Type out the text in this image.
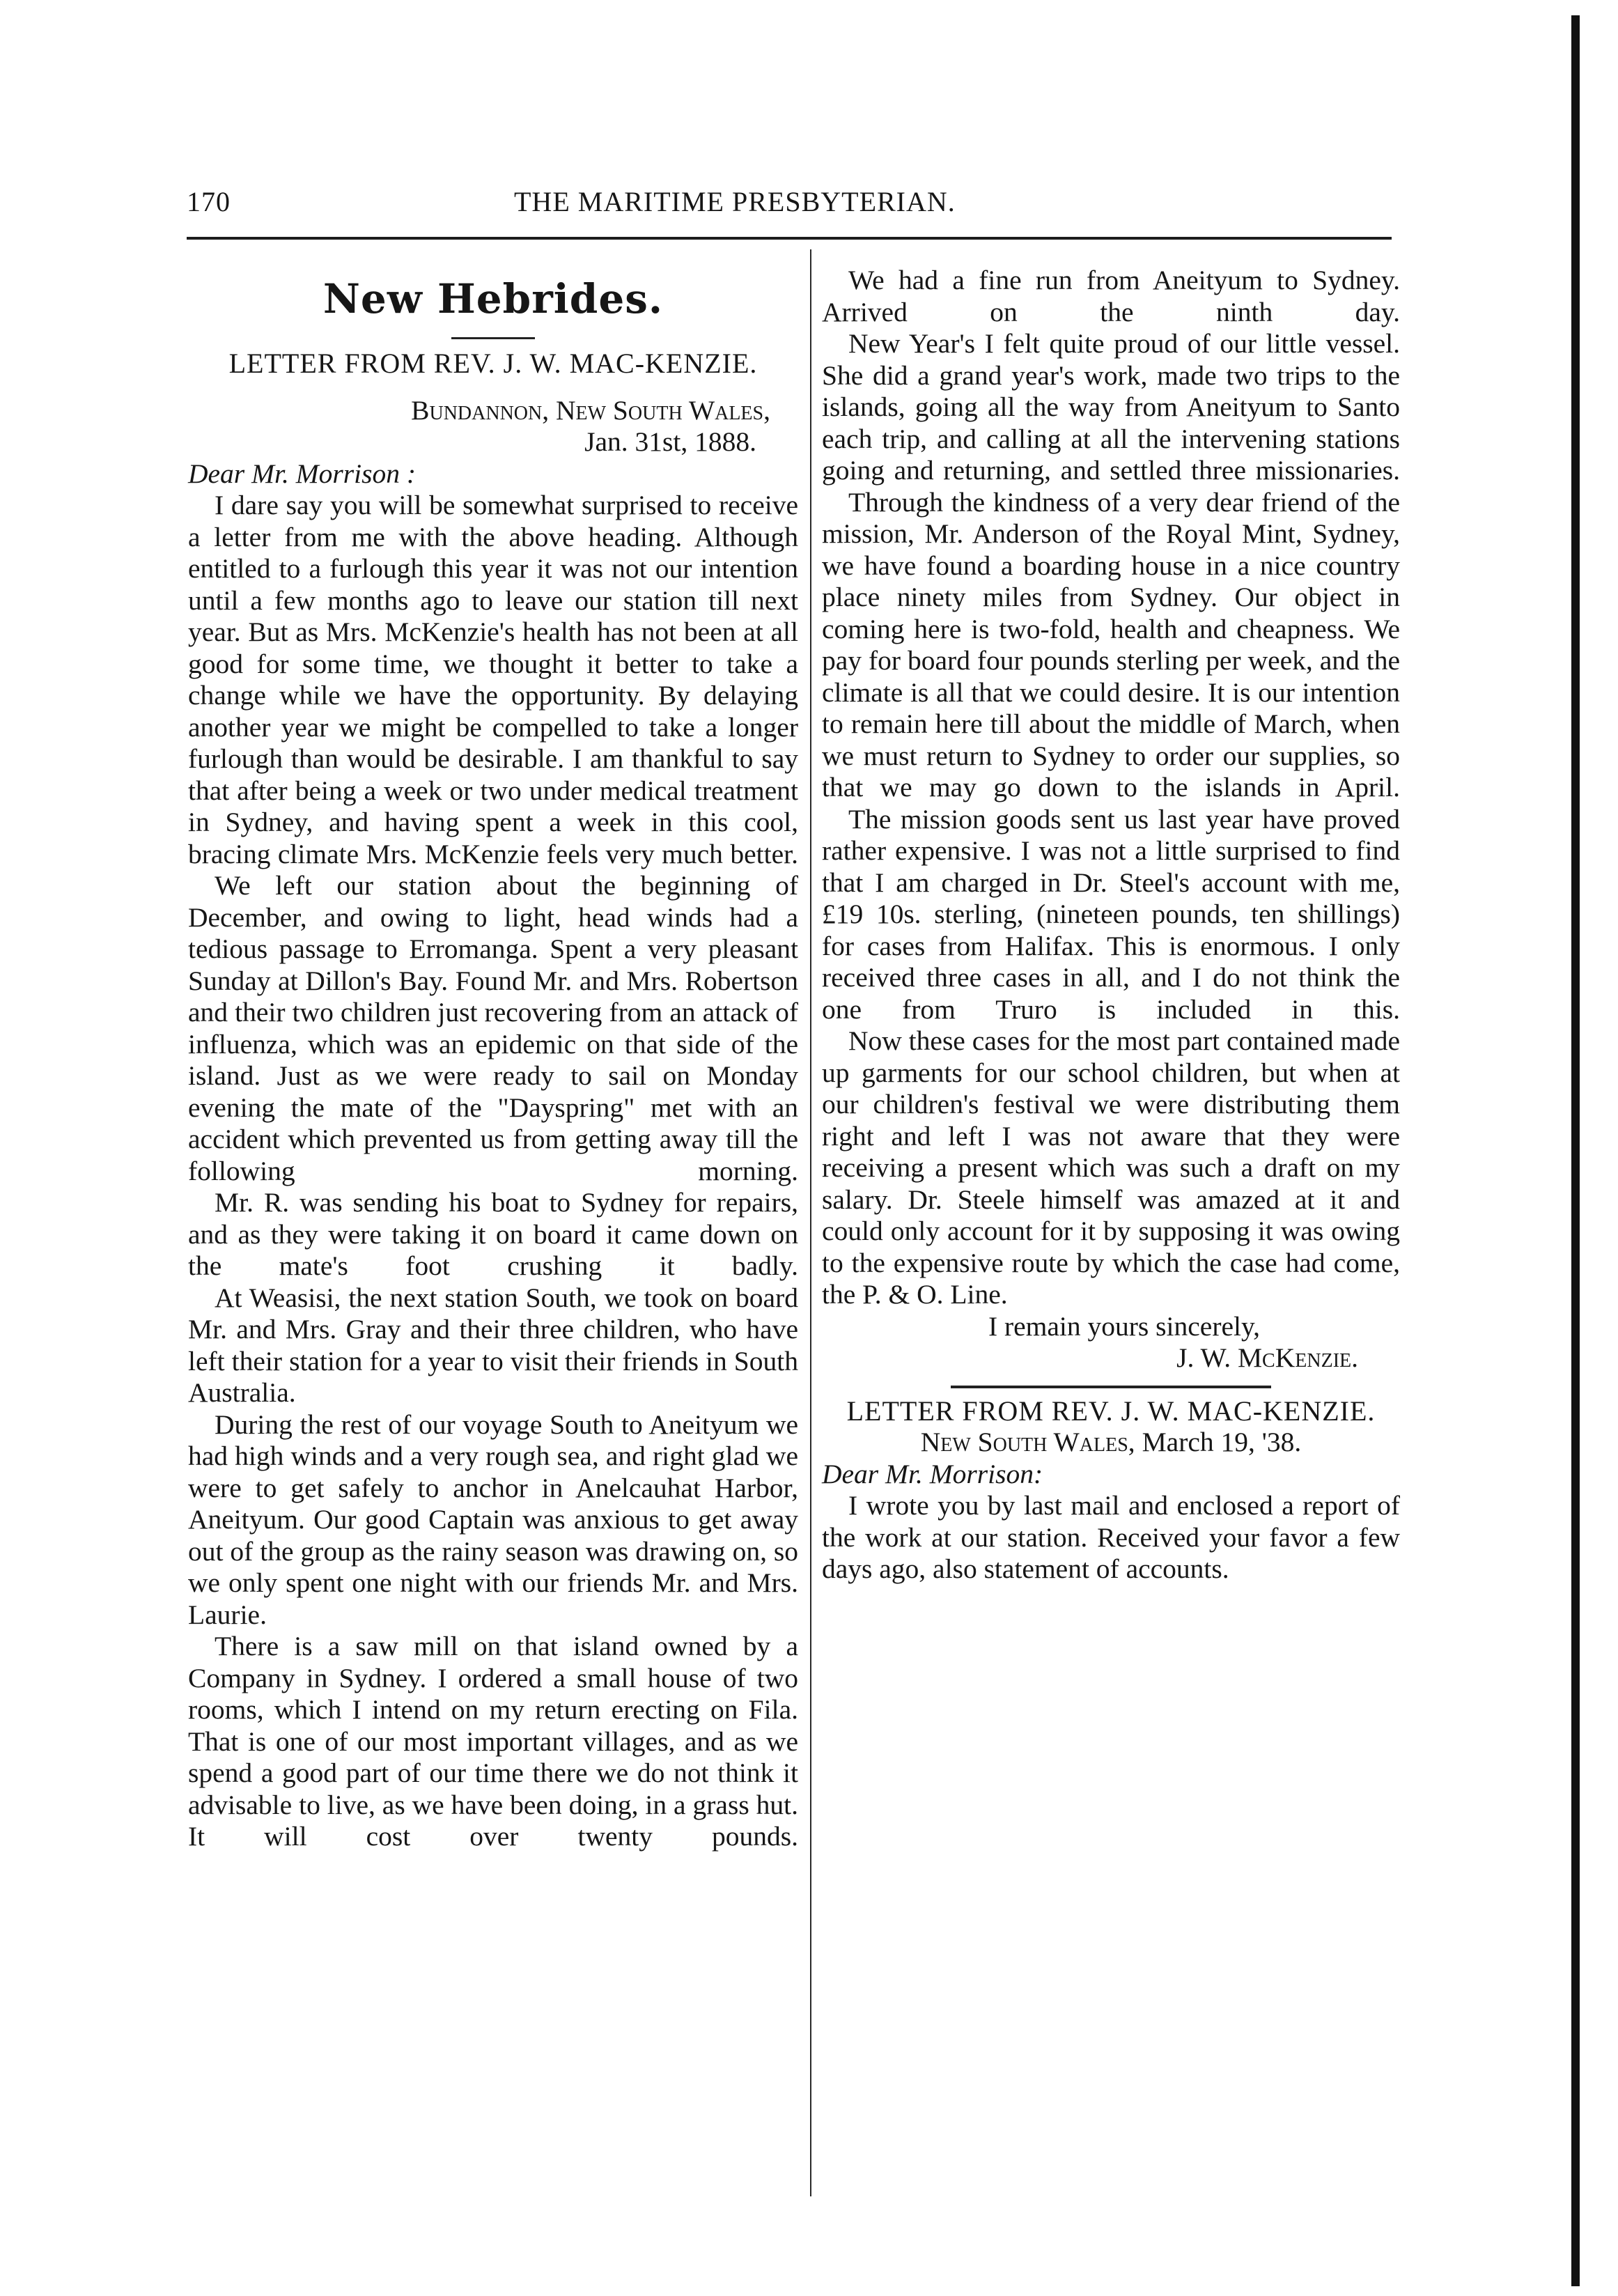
170	THE MARITIME PRESBYTERIAN.
New Hebrides.
LETTER FROM REV. J. W. MAC-KENZIE.
Bundannon, New South Wales,
Jan. 31st, 1888.

Dear Mr. Morrison :

I dare say you will be somewhat surprised to receive a letter from me with the above heading. Although entitled to a furlough this year it was not our intention until a few months ago to leave our station till next year. But as Mrs. McKenzie's health has not been at all good for some time, we thought it better to take a change while we have the opportunity. By delaying another year we might be compelled to take a longer furlough than would be desirable. I am thankful to say that after being a week or two under medical treatment in Sydney, and having spent a week in this cool, bracing climate Mrs. McKenzie feels very much better.

We left our station about the beginning of December, and owing to light, head winds had a tedious passage to Erromanga. Spent a very pleasant Sunday at Dillon's Bay. Found Mr. and Mrs. Robertson and their two children just recovering from an attack of influenza, which was an epidemic on that side of the island. Just as we were ready to sail on Monday evening the mate of the "Dayspring" met with an accident which prevented us from getting away till the following morning.

Mr. R. was sending his boat to Sydney for repairs, and as they were taking it on board it came down on the mate's foot crushing it badly.

At Weasisi, the next station South, we took on board Mr. and Mrs. Gray and their three children, who have left their station for a year to visit their friends in South Australia.

During the rest of our voyage South to Aneityum we had high winds and a very rough sea, and right glad we were to get safely to anchor in Anelcauhat Harbor, Aneityum. Our good Captain was anxious to get away out of the group as the rainy season was drawing on, so we only spent one night with our friends Mr. and Mrs. Laurie.

There is a saw mill on that island owned by a Company in Sydney. I ordered a small house of two rooms, which I intend on my return erecting on Fila. That is one of our most important villages, and as we spend a good part of our time there we do not think it advisable to live, as we have been doing, in a grass hut. It will cost over twenty pounds.

We had a fine run from Aneityum to Sydney. Arrived on the ninth day.

New Year's I felt quite proud of our little vessel. She did a grand year's work, made two trips to the islands, going all the way from Aneityum to Santo each trip, and calling at all the intervening stations going and returning, and settled three missionaries.

Through the kindness of a very dear friend of the mission, Mr. Anderson of the Royal Mint, Sydney, we have found a boarding house in a nice country place ninety miles from Sydney. Our object in coming here is two-fold, health and cheapness. We pay for board four pounds sterling per week, and the climate is all that we could desire. It is our intention to remain here till about the middle of March, when we must return to Sydney to order our supplies, so that we may go down to the islands in April.

The mission goods sent us last year have proved rather expensive. I was not a little surprised to find that I am charged in Dr. Steel's account with me, £19 10s. sterling, (nineteen pounds, ten shillings) for cases from Halifax. This is enormous. I only received three cases in all, and I do not think the one from Truro is included in this.

Now these cases for the most part contained made up garments for our school children, but when at our children's festival we were distributing them right and left I was not aware that they were receiving a present which was such a draft on my salary. Dr. Steele himself was amazed at it and could only account for it by supposing it was owing to the expensive route by which the case had come, the P. & O. Line.

I remain yours sincerely,

J. W. McKenzie.

LETTER FROM REV. J. W. MAC-KENZIE.

New South Wales, March 19, '38.

Dear Mr. Morrison:

I wrote you by last mail and enclosed a report of the work at our station. Received your favor a few days ago, also statement of accounts.
